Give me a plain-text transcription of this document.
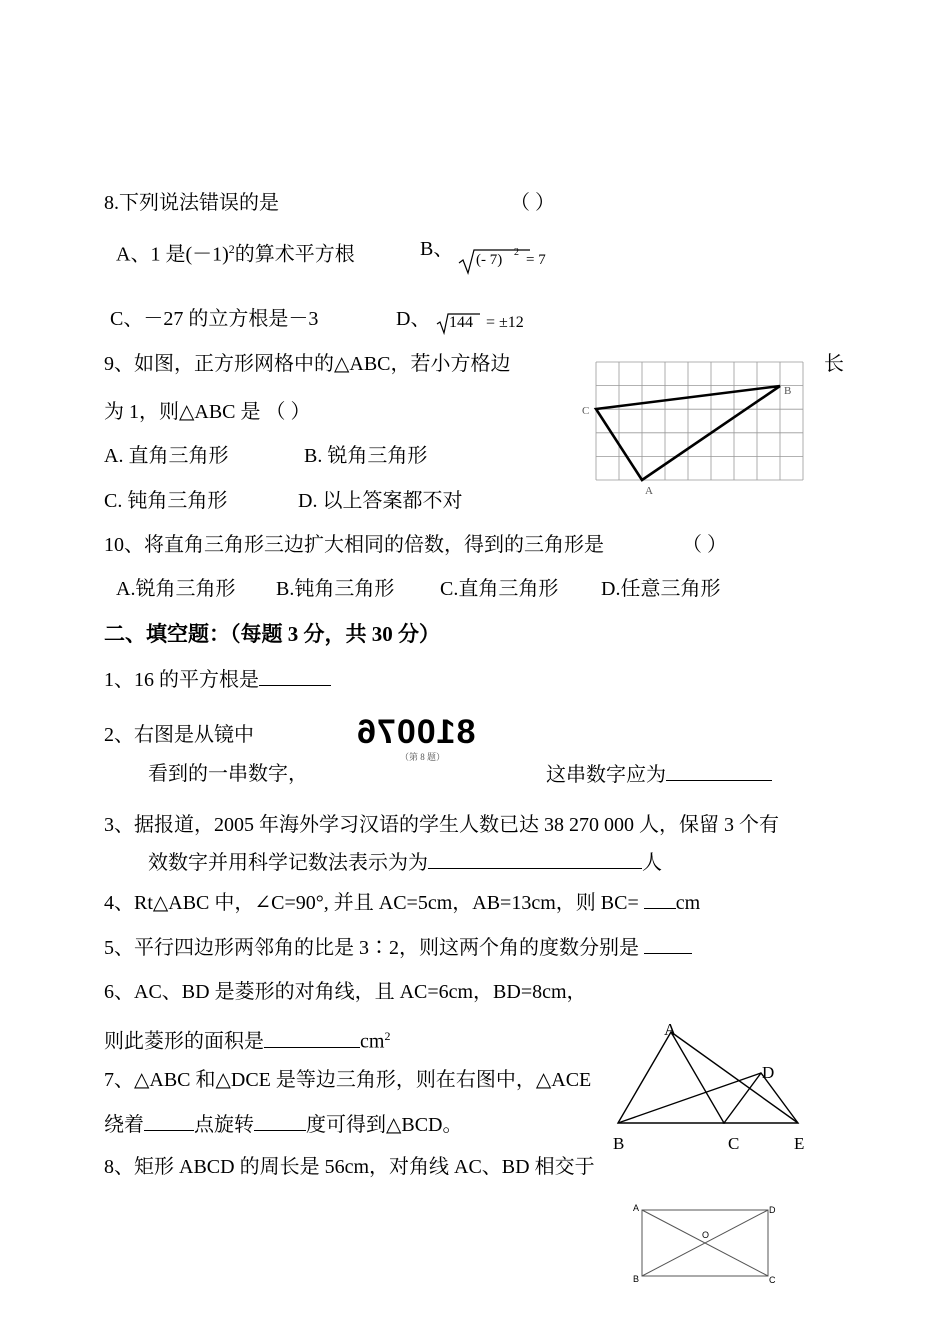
8.下列说法错误的是	（ ）
A、1 是$(-1)^2$的算术平方根	B、 (- 7) 2 = 7
C、－27 的立方根是－3	D、 144 = ±12
9、如图，正方形网格中的△ABC，若小方格边	长
为 1，则△ABC 是 （ ）
A. 直角三角形	B. 锐角三角形
C. 钝角三角形	D. 以上答案都不对
C
B
A
10、将直角三角形三边扩大相同的倍数，得到的三角形是	（ ）
A.锐角三角形 B.钝角三角形 C.直角三角形 D.任意三角形
二、填空题：（每题 3 分，共 30 分）
1、16 的平方根是
2、右图是从镜中
看到的一串数字，
810076
（第 8 题）
这串数字应为
3、据报道，2005 年海外学习汉语的学生人数已达 38 270 000 人，保留 3 个有
效数字并用科学记数法表示为为	人
4、Rt△ABC 中，∠C=90°, 并且 AC=5cm，AB=13cm，则 BC= cm
5、平行四边形两邻角的比是 3∶2，则这两个角的度数分别是
6、AC、BD 是菱形的对角线，且 AC=6cm，BD=8cm，
则此菱形的面积是	$cm^2$
7、△ABC 和△DCE 是等边三角形，则在右图中，△ACE
绕着	点旋转	度可得到△BCD。
A
D
B	C	E
8、矩形 ABCD 的周长是 56cm，对角线 AC、BD 相交于
A	D
B	C
O
